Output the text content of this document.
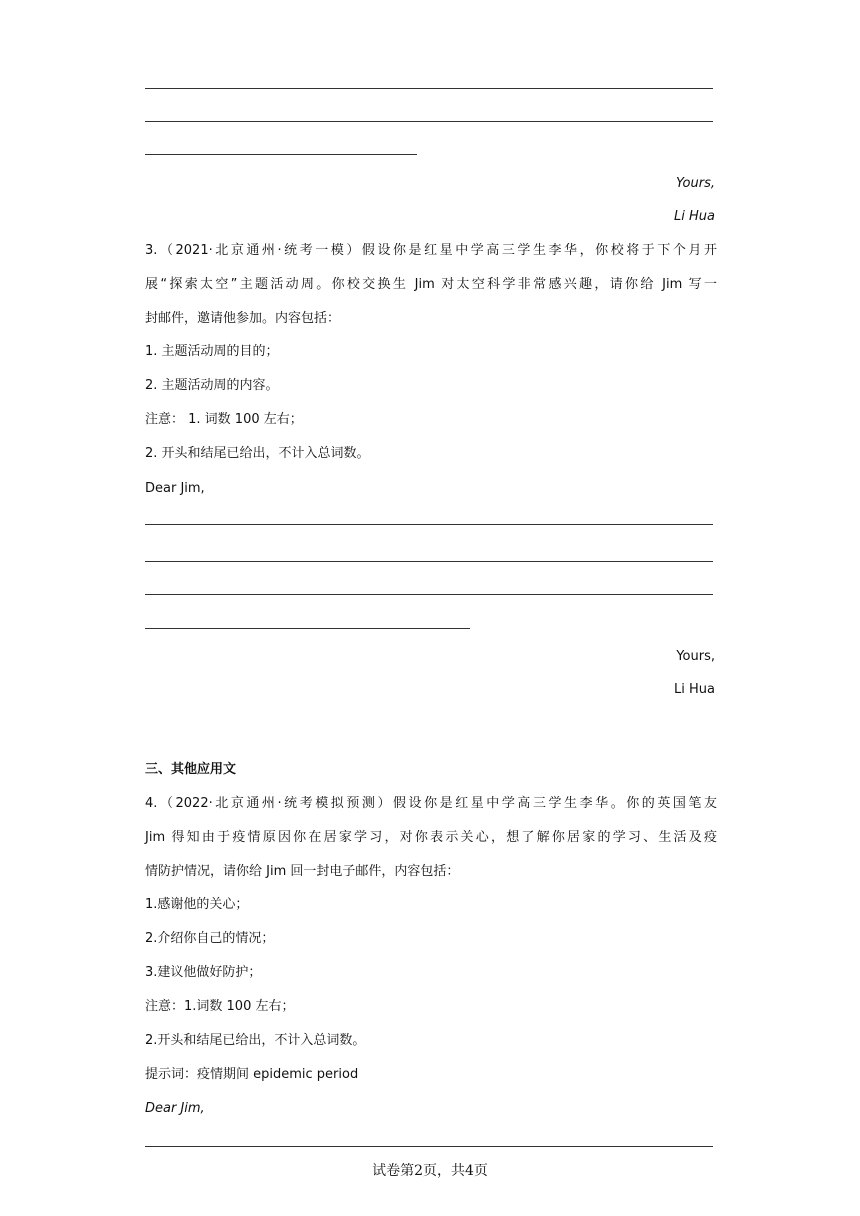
Yours,
Li Hua
3.（2021·北京通州·统考一模）假设你是红星中学高三学生李华，你校将于下个月开
展“探索太空”主题活动周。你校交换生 Jim 对太空科学非常感兴趣，请你给 Jim 写一
封邮件，邀请他参加。内容包括：
1. 主题活动周的目的；
2. 主题活动周的内容。
注意： 1. 词数 100 左右；
2. 开头和结尾已给出，不计入总词数。
Dear Jim,
Yours,
Li Hua
三、其他应用文
4.（2022·北京通州·统考模拟预测）假设你是红星中学高三学生李华。你的英国笔友
Jim 得知由于疫情原因你在居家学习，对你表示关心，想了解你居家的学习、生活及疫
情防护情况，请你给 Jim 回一封电子邮件，内容包括：
1.感谢他的关心；
2.介绍你自己的情况；
3.建议他做好防护；
注意：1.词数 100 左右；
2.开头和结尾已给出，不计入总词数。
提示词：疫情期间 epidemic period
Dear Jim,
试卷第2页，共4页
